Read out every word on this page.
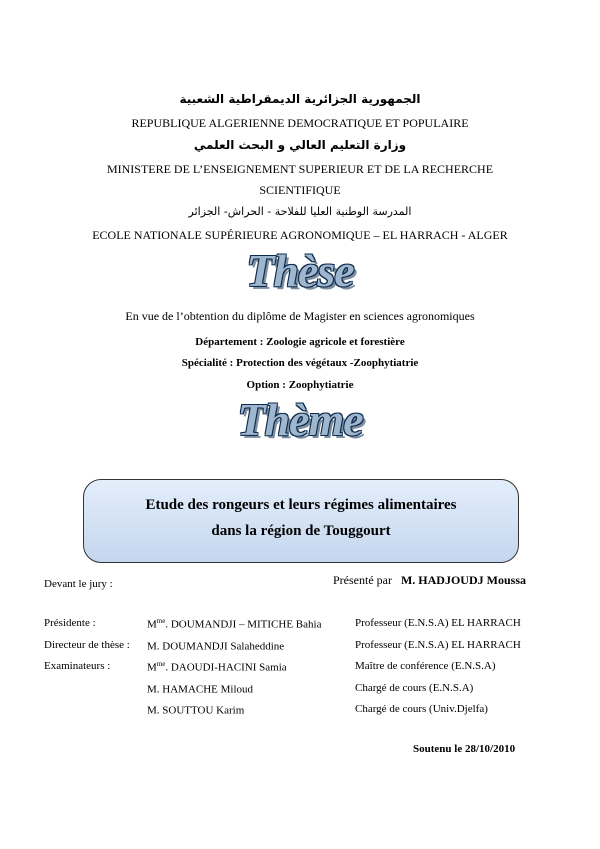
الجمهورية الجزائرية الديمقراطية الشعبية
REPUBLIQUE ALGERIENNE DEMOCRATIQUE ET POPULAIRE
وزارة التعليم العالي و البحث العلمي
MINISTERE DE L’ENSEIGNEMENT SUPERIEUR ET DE LA RECHERCHE
SCIENTIFIQUE
المدرسة الوطنية العليا للفلاحة - الحراش- الجزائر
ECOLE NATIONALE SUPÉRIEURE AGRONOMIQUE – EL HARRACH - ALGER
Thèse
En vue de l’obtention du diplôme de Magister en sciences agronomiques
Département : Zoologie agricole et forestière
Spécialité : Protection des végétaux -Zoophytiatrie
Option : Zoophytiatrie
Thème
Etude des rongeurs et leurs régimes alimentaires
dans la région de Touggourt
Devant le jury :	Présenté par M. HADJOUDJ Moussa
Présidente :	$M^{me}$. DOUMANDJI – MITICHE Bahia	Professeur (E.N.S.A) EL HARRACH
Directeur de thèse : M. DOUMANDJI Salaheddine	Professeur (E.N.S.A) EL HARRACH
Examinateurs :	$M^{me}$. DAOUDI-HACINI Samia	Maître de conférence (E.N.S.A)
M. HAMACHE Miloud	Chargé de cours (E.N.S.A)
M. SOUTTOU Karim	Chargé de cours (Univ.Djelfa)
Soutenu le 28/10/2010
